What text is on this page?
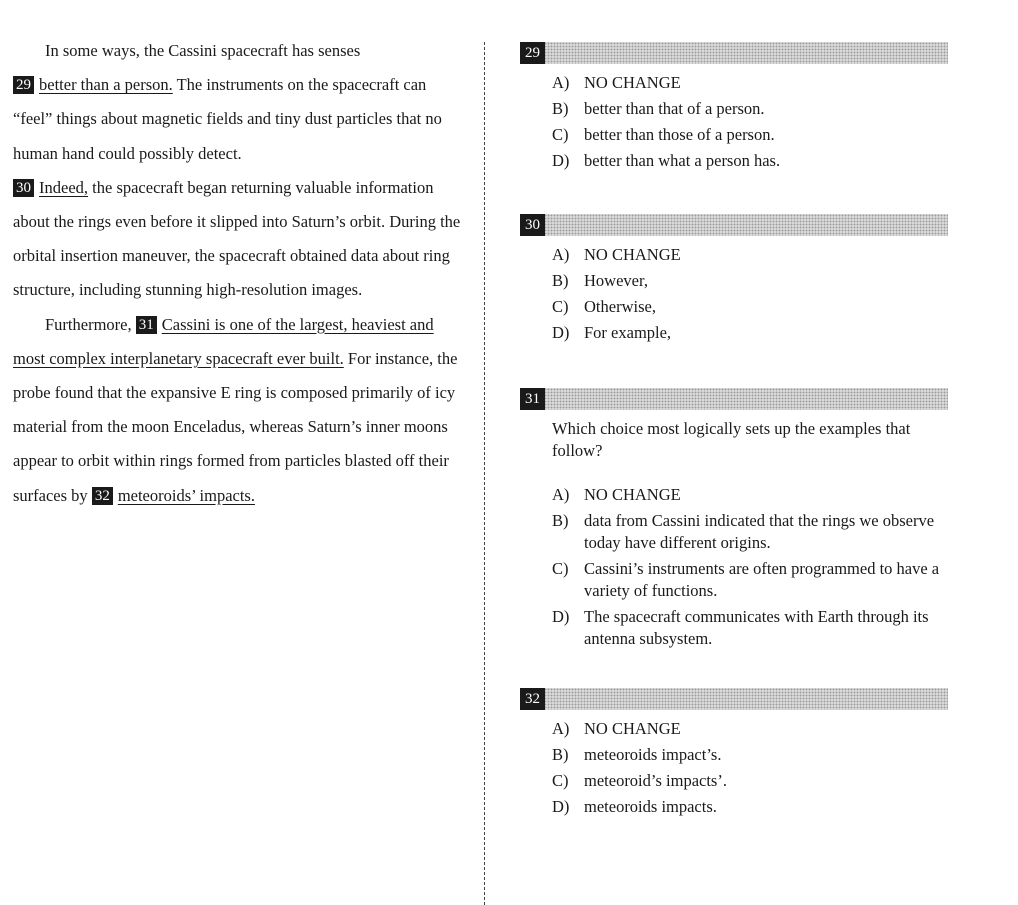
In some ways, the Cassini spacecraft has senses
29 better than a person. The instruments on the spacecraft can “feel” things about magnetic fields and tiny dust particles that no human hand could possibly detect.
30 Indeed, the spacecraft began returning valuable information about the rings even before it slipped into Saturn’s orbit. During the orbital insertion maneuver, the spacecraft obtained data about ring structure, including stunning high-resolution images.

Furthermore, 31 Cassini is one of the largest, heaviest and most complex interplanetary spacecraft ever built. For instance, the probe found that the expansive E ring is composed primarily of icy material from the moon Enceladus, whereas Saturn’s inner moons appear to orbit within rings formed from particles blasted off their surfaces by 32 meteoroids’ impacts.

29
A) NO CHANGE
B) better than that of a person.
C) better than those of a person.
D) better than what a person has.
30
A) NO CHANGE
B) However,
C) Otherwise,
D) For example,
31

Which choice most logically sets up the examples that follow?

A) NO CHANGE
B) data from Cassini indicated that the rings we observe today have different origins.
C) Cassini’s instruments are often programmed to have a variety of functions.
D) The spacecraft communicates with Earth through its antenna subsystem.
32
A) NO CHANGE
B) meteoroids impact’s.
C) meteoroid’s impacts’.
D) meteoroids impacts.
